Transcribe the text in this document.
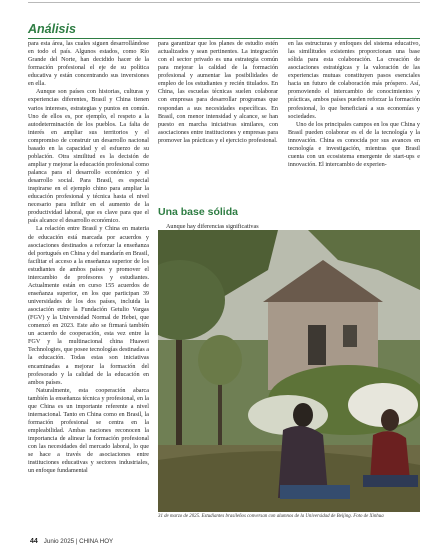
Análisis

para esta área, las cuales siguen desarrollándose en todo el país. Algunos estados, como Río Grande del Norte, han decidido hacer de la formación profesional el eje de su política educativa y están concentrando sus inversiones en ella.

Aunque son países con historias, culturas y experiencias diferentes, Brasil y China tienen varios intereses, estrategias y puntos en común. Uno de ellos es, por ejemplo, el respeto a la autodeterminación de los pueblos. La falta de interés en ampliar sus territorios y el compromiso de construir un desarrollo nacional basado en la capacidad y el esfuerzo de su población. Otra similitud es la decisión de ampliar y mejorar la educación profesional como palanca para el desarrollo económico y el desarrollo social. Para Brasil, es especial inspirarse en el ejemplo chino para ampliar la educación profesional y técnica hasta el nivel necesario para influir en el aumento de la productividad laboral, que es clave para que el país alcance el desarrollo económico.

La relación entre Brasil y China en materia de educación está marcada por acuerdos y asociaciones destinados a reforzar la enseñanza del portugués en China y del mandarín en Brasil, facilitar el acceso a la enseñanza superior de los estudiantes de ambos países y promover el intercambio de profesores y estudiantes. Actualmente están en curso 155 acuerdos de enseñanza superior, en los que participan 39 universidades de los dos países, incluida la asociación entre la Fundación Getulio Vargas (FGV) y la Universidad Normal de Hebei, que comenzó en 2023. Este año se firmará también un acuerdo de cooperación, esta vez entre la FGV y la multinacional china Huawei Technologies, que posee tecnologías destinadas a la educación. Todas estas son iniciativas encaminadas a mejorar la formación del profesorado y la calidad de la educación en ambos países.

Naturalmente, esta cooperación abarca también la enseñanza técnica y profesional, en la que China es un importante referente a nivel internacional. Tanto en China como en Brasil, la formación profesional se centra en la empleabilidad. Ambas naciones reconocen la importancia de alinear la formación profesional con las necesidades del mercado laboral, lo que se hace a través de asociaciones entre instituciones educativas y sectores industriales, un enfoque fundamental

para garantizar que los planes de estudio estén actualizados y sean pertinentes. La integración con el sector privado es una estrategia común para mejorar la calidad de la formación profesional y aumentar las posibilidades de empleo de los estudiantes y recién titulados. En China, las escuelas técnicas suelen colaborar con empresas para desarrollar programas que respondan a sus necesidades específicas. En Brasil, con menor intensidad y alcance, se han puesto en marcha iniciativas similares, con asociaciones entre instituciones y empresas para promover las prácticas y el ejercicio profesional.

Una base sólida
Aunque hay diferencias significativas

en las estructuras y enfoques del sistema educativo, las similitudes existentes proporcionan una base sólida para esta colaboración. La creación de asociaciones estratégicas y la valoración de las experiencias mutuas constituyen pasos esenciales hacia un futuro de colaboración más próspero. Así, promoviendo el intercambio de conocimientos y prácticas, ambos países pueden reforzar la formación profesional, lo que beneficiará a sus economías y sociedades.

Uno de los principales campos en los que China y Brasil pueden colaborar es el de la tecnología y la innovación. China es conocida por sus avances en tecnología e investigación, mientras que Brasil cuenta con un ecosistema emergente de start-ups e innovación. El intercambio de experien-

31 de marzo de 2025. Estudiantes brasileños conversan con alumnos de la Universidad de Beijing. Foto de Xinhua
44 Junio 2025 | CHINA HOY
